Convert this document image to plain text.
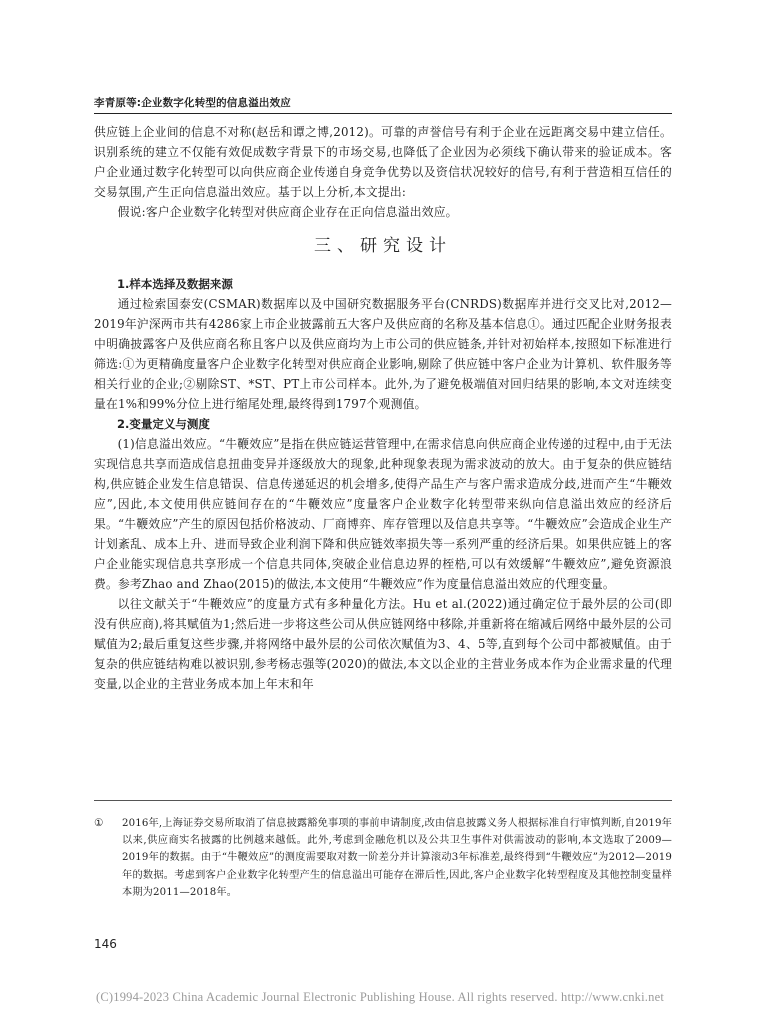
李青原等:企业数字化转型的信息溢出效应

供应链上企业间的信息不对称(赵岳和谭之博,2012)。可靠的声誉信号有利于企业在远距离交易中建立信任。识别系统的建立不仅能有效促成数字背景下的市场交易,也降低了企业因为必须线下确认带来的验证成本。客户企业通过数字化转型可以向供应商企业传递自身竞争优势以及资信状况较好的信号,有利于营造相互信任的交易氛围,产生正向信息溢出效应。基于以上分析,本文提出:

假说:客户企业数字化转型对供应商企业存在正向信息溢出效应。

三、研究设计
1.样本选择及数据来源

通过检索国泰安(CSMAR)数据库以及中国研究数据服务平台(CNRDS)数据库并进行交叉比对,2012—2019年沪深两市共有4286家上市企业披露前五大客户及供应商的名称及基本信息①。通过匹配企业财务报表中明确披露客户及供应商名称且客户以及供应商均为上市公司的供应链条,并针对初始样本,按照如下标准进行筛选:①为更精确度量客户企业数字化转型对供应商企业影响,剔除了供应链中客户企业为计算机、软件服务等相关行业的企业;②剔除ST、*ST、PT上市公司样本。此外,为了避免极端值对回归结果的影响,本文对连续变量在1%和99%分位上进行缩尾处理,最终得到1797个观测值。

2.变量定义与测度

(1)信息溢出效应。“牛鞭效应”是指在供应链运营管理中,在需求信息向供应商企业传递的过程中,由于无法实现信息共享而造成信息扭曲变异并逐级放大的现象,此种现象表现为需求波动的放大。由于复杂的供应链结构,供应链企业发生信息错误、信息传递延迟的机会增多,使得产品生产与客户需求造成分歧,进而产生“牛鞭效应”,因此,本文使用供应链间存在的“牛鞭效应”度量客户企业数字化转型带来纵向信息溢出效应的经济后果。“牛鞭效应”产生的原因包括价格波动、厂商博弈、库存管理以及信息共享等。“牛鞭效应”会造成企业生产计划紊乱、成本上升、进而导致企业利润下降和供应链效率损失等一系列严重的经济后果。如果供应链上的客户企业能实现信息共享形成一个信息共同体,突破企业信息边界的桎梏,可以有效缓解“牛鞭效应”,避免资源浪费。参考Zhao and Zhao(2015)的做法,本文使用“牛鞭效应”作为度量信息溢出效应的代理变量。

以往文献关于“牛鞭效应”的度量方式有多种量化方法。Hu et al.(2022)通过确定位于最外层的公司(即没有供应商),将其赋值为1;然后进一步将这些公司从供应链网络中移除,并重新将在缩减后网络中最外层的公司赋值为2;最后重复这些步骤,并将网络中最外层的公司依次赋值为3、4、5等,直到每个公司中都被赋值。由于复杂的供应链结构难以被识别,参考杨志强等(2020)的做法,本文以企业的主营业务成本作为企业需求量的代理变量,以企业的主营业务成本加上年末和年

①	2016年,上海证券交易所取消了信息披露豁免事项的事前申请制度,改由信息披露义务人根据标准自行审慎判断,自2019年以来,供应商实名披露的比例越来越低。此外,考虑到金融危机以及公共卫生事件对供需波动的影响,本文选取了2009—2019年的数据。由于“牛鞭效应”的测度需要取对数一阶差分并计算滚动3年标准差,最终得到“牛鞭效应”为2012—2019年的数据。考虑到客户企业数字化转型产生的信息溢出可能存在滞后性,因此,客户企业数字化转型程度及其他控制变量样本期为2011—2018年。
146
(C)1994-2023 China Academic Journal Electronic Publishing House. All rights reserved. http://www.cnki.net
